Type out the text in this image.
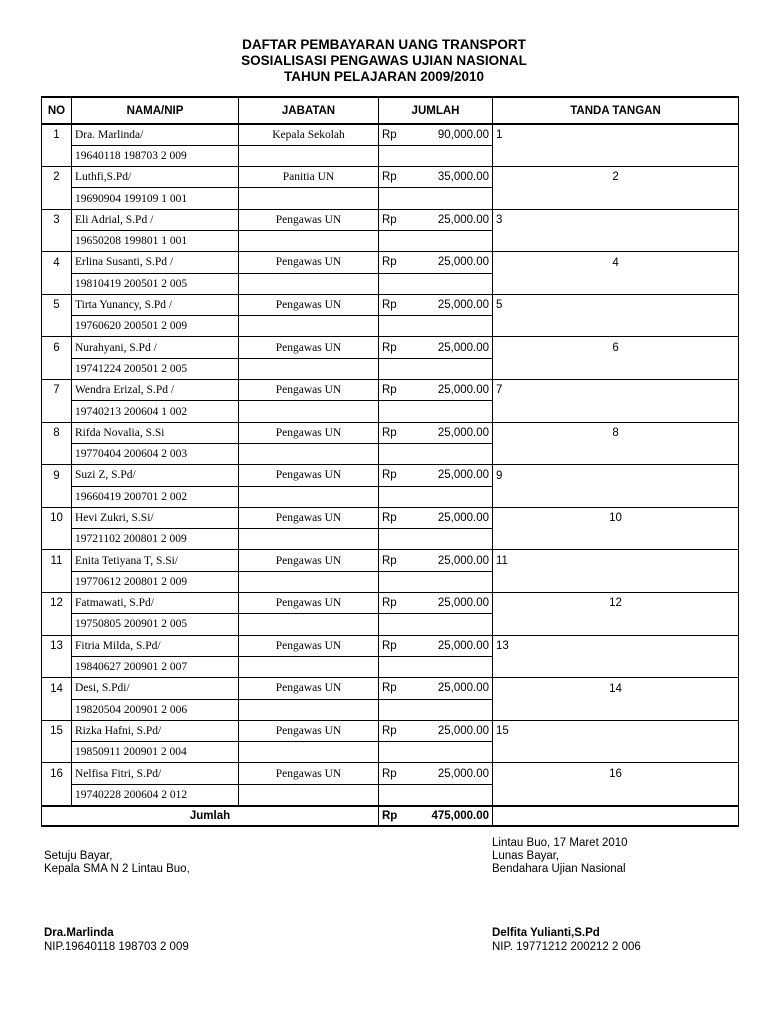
DAFTAR PEMBAYARAN UANG TRANSPORT
SOSIALISASI PENGAWAS UJIAN NASIONAL
TAHUN PELAJARAN 2009/2010
NO	NAMA/NIP	JABATAN	JUMLAH		TANDA TANGAN
1	Dra. Marlinda/	Kepala Sekolah	Rp	90,000.00	1
	19640118 198703 2 009				
2	Luthfi,S.Pd/	Panitia UN	Rp	35,000.00	2
	19690904 199109 1 001				
3	Eli Adrial, S.Pd /	Pengawas UN	Rp	25,000.00	3
	19650208 199801 1 001				
4	Erlina Susanti, S.Pd /	Pengawas UN	Rp	25,000.00	4
	19810419 200501 2 005				
5	Tirta Yunancy, S.Pd /	Pengawas UN	Rp	25,000.00	5
	19760620 200501 2 009				
6	Nurahyani, S.Pd /	Pengawas UN	Rp	25,000.00	6
	19741224 200501 2 005				
7	Wendra Erizal, S.Pd /	Pengawas UN	Rp	25,000.00	7
	19740213 200604 1 002				
8	Rifda Novalia, S.Si	Pengawas UN	Rp	25,000.00	8
	19770404 200604 2 003				
9	Suzi Z, S.Pd/	Pengawas UN	Rp	25,000.00	9
	19660419 200701 2 002				
10	Hevi Zukri, S.Si/	Pengawas UN	Rp	25,000.00	10
	19721102 200801 2 009				
11	Enita Tetiyana T, S.Si/	Pengawas UN	Rp	25,000.00	11
	19770612 200801 2 009				
12	Fatmawati, S.Pd/	Pengawas UN	Rp	25,000.00	12
	19750805 200901 2 005				
13	Fitria Milda, S.Pd/	Pengawas UN	Rp	25,000.00	13
	19840627 200901 2 007				
14	Desi, S.Pdi/	Pengawas UN	Rp	25,000.00	14
	19820504 200901 2 006				
15	Rizka Hafni, S.Pd/	Pengawas UN	Rp	25,000.00	15
	19850911 200901 2 004				
16	Nelfisa Fitri, S.Pd/	Pengawas UN	Rp	25,000.00	16
	19740228 200604 2 012				
Jumlah			Rp	475,000.00	
Lintau Buo, 17 Maret 2010
Setuju Bayar,
Kepala SMA N 2 Lintau Buo,
Lunas Bayar,
Bendahara Ujian Nasional
Dra.Marlinda
NIP.19640118 198703 2 009
Delfita Yulianti,S.Pd
NIP. 19771212 200212 2 006
